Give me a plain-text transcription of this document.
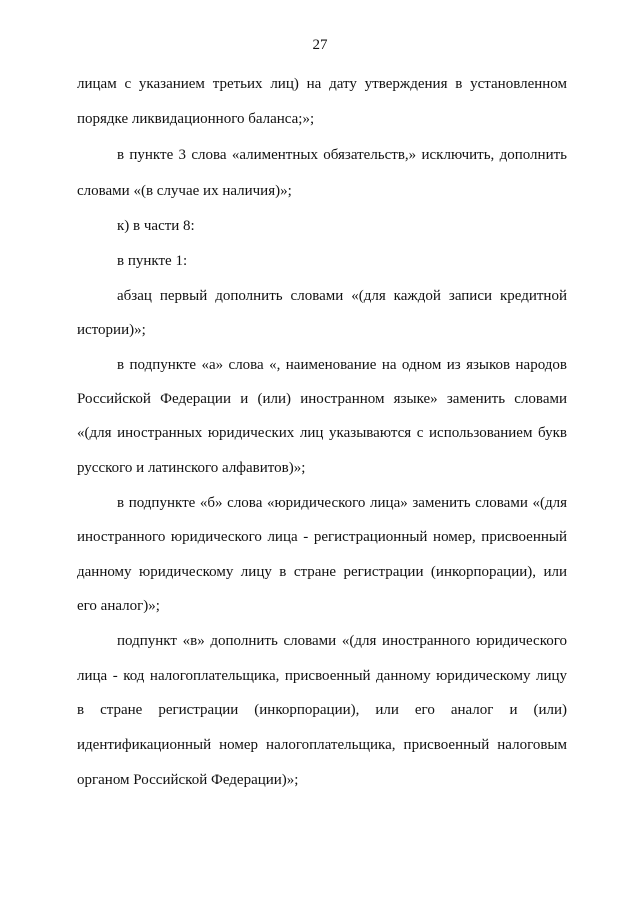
27
лицам с указанием третьих лиц) на дату утверждения в установленном
порядке ликвидационного баланса;»;
в пункте 3 слова «алиментных обязательств,» исключить, дополнить
словами «(в случае их наличия)»;
к) в части 8:
в пункте 1:
абзац первый дополнить словами «(для каждой записи кредитной
истории)»;
в подпункте «а» слова «, наименование на одном из языков народов
Российской Федерации и (или) иностранном языке» заменить словами
«(для иностранных юридических лиц указываются с использованием букв
русского и латинского алфавитов)»;
в подпункте «б» слова «юридического лица» заменить словами «(для
иностранного юридического лица - регистрационный номер, присвоенный
данному юридическому лицу в стране регистрации (инкорпорации), или
его аналог)»;
подпункт «в» дополнить словами «(для иностранного юридического
лица - код налогоплательщика, присвоенный данному юридическому лицу
в стране регистрации (инкорпорации), или его аналог и (или)
идентификационный номер налогоплательщика, присвоенный налоговым
органом Российской Федерации)»;
